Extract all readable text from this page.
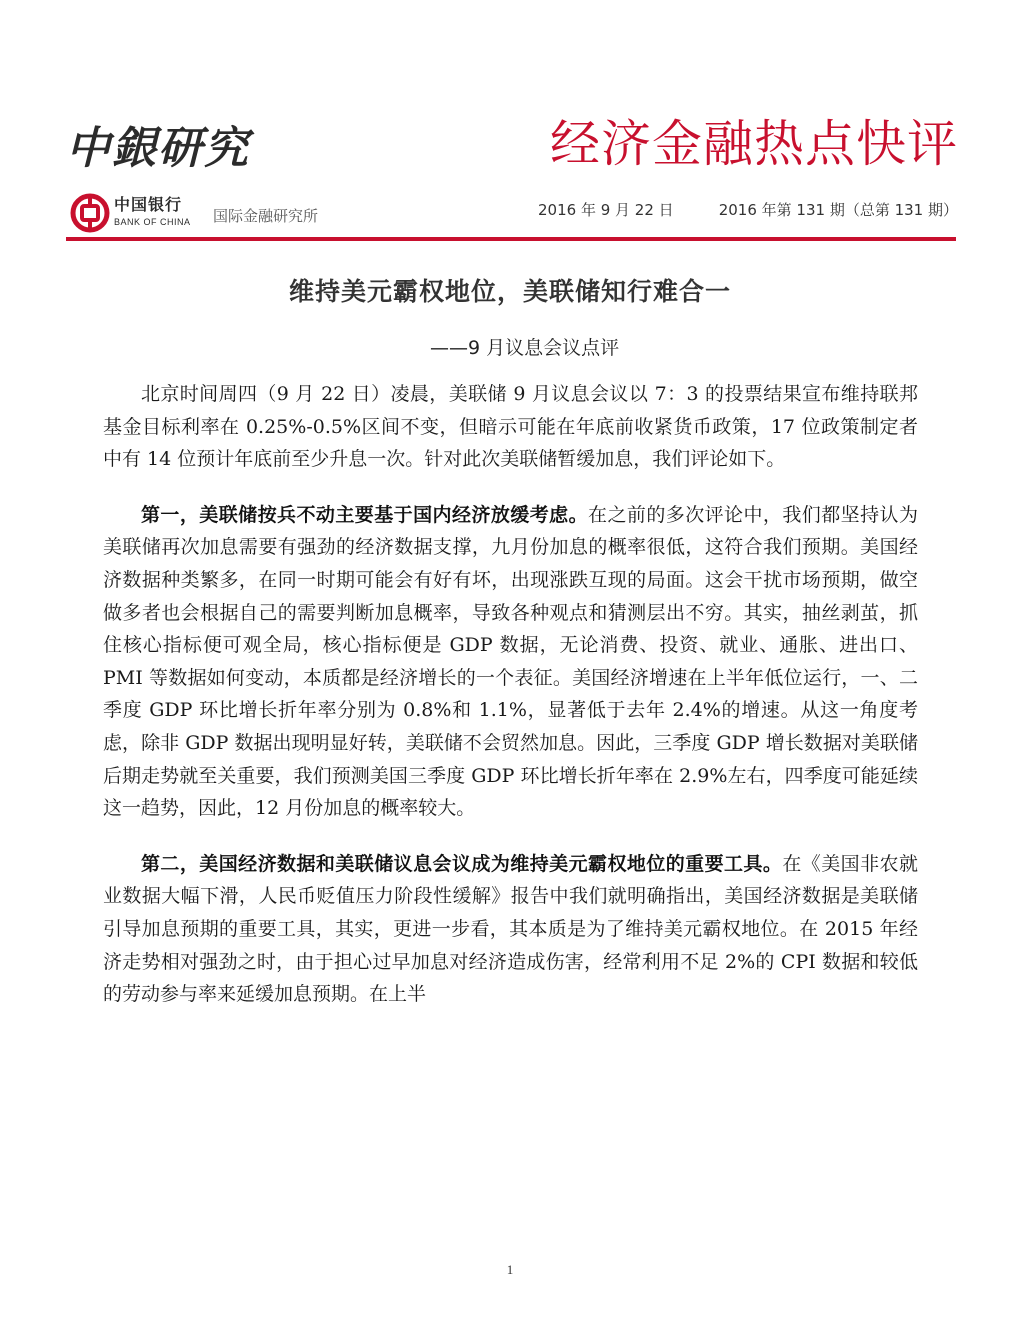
中銀研究	经济金融热点快评
中国银行
BANK OF CHINA 国际金融研究所	2016 年 9 月 22 日	2016 年第 131 期（总第 131 期）
维持美元霸权地位，美联储知行难合一
——9 月议息会议点评

北京时间周四（9 月 22 日）凌晨，美联储 9 月议息会议以 7：3 的投票结果宣布维持联邦基金目标利率在 0.25%-0.5%区间不变，但暗示可能在年底前收紧货币政策，17 位政策制定者中有 14 位预计年底前至少升息一次。针对此次美联储暂缓加息，我们评论如下。

第一，美联储按兵不动主要基于国内经济放缓考虑。在之前的多次评论中，我们都坚持认为美联储再次加息需要有强劲的经济数据支撑，九月份加息的概率很低，这符合我们预期。美国经济数据种类繁多，在同一时期可能会有好有坏，出现涨跌互现的局面。这会干扰市场预期，做空做多者也会根据自己的需要判断加息概率，导致各种观点和猜测层出不穷。其实，抽丝剥茧，抓住核心指标便可观全局，核心指标便是 GDP 数据，无论消费、投资、就业、通胀、进出口、PMI 等数据如何变动，本质都是经济增长的一个表征。美国经济增速在上半年低位运行，一、二季度 GDP 环比增长折年率分别为 0.8%和 1.1%，显著低于去年 2.4%的增速。从这一角度考虑，除非 GDP 数据出现明显好转，美联储不会贸然加息。因此，三季度 GDP 增长数据对美联储后期走势就至关重要，我们预测美国三季度 GDP 环比增长折年率在 2.9%左右，四季度可能延续这一趋势，因此，12 月份加息的概率较大。

第二，美国经济数据和美联储议息会议成为维持美元霸权地位的重要工具。在《美国非农就业数据大幅下滑，人民币贬值压力阶段性缓解》报告中我们就明确指出，美国经济数据是美联储引导加息预期的重要工具，其实，更进一步看，其本质是为了维持美元霸权地位。在 2015 年经济走势相对强劲之时，由于担心过早加息对经济造成伤害，经常利用不足 2%的 CPI 数据和较低的劳动参与率来延缓加息预期。在上半

1
